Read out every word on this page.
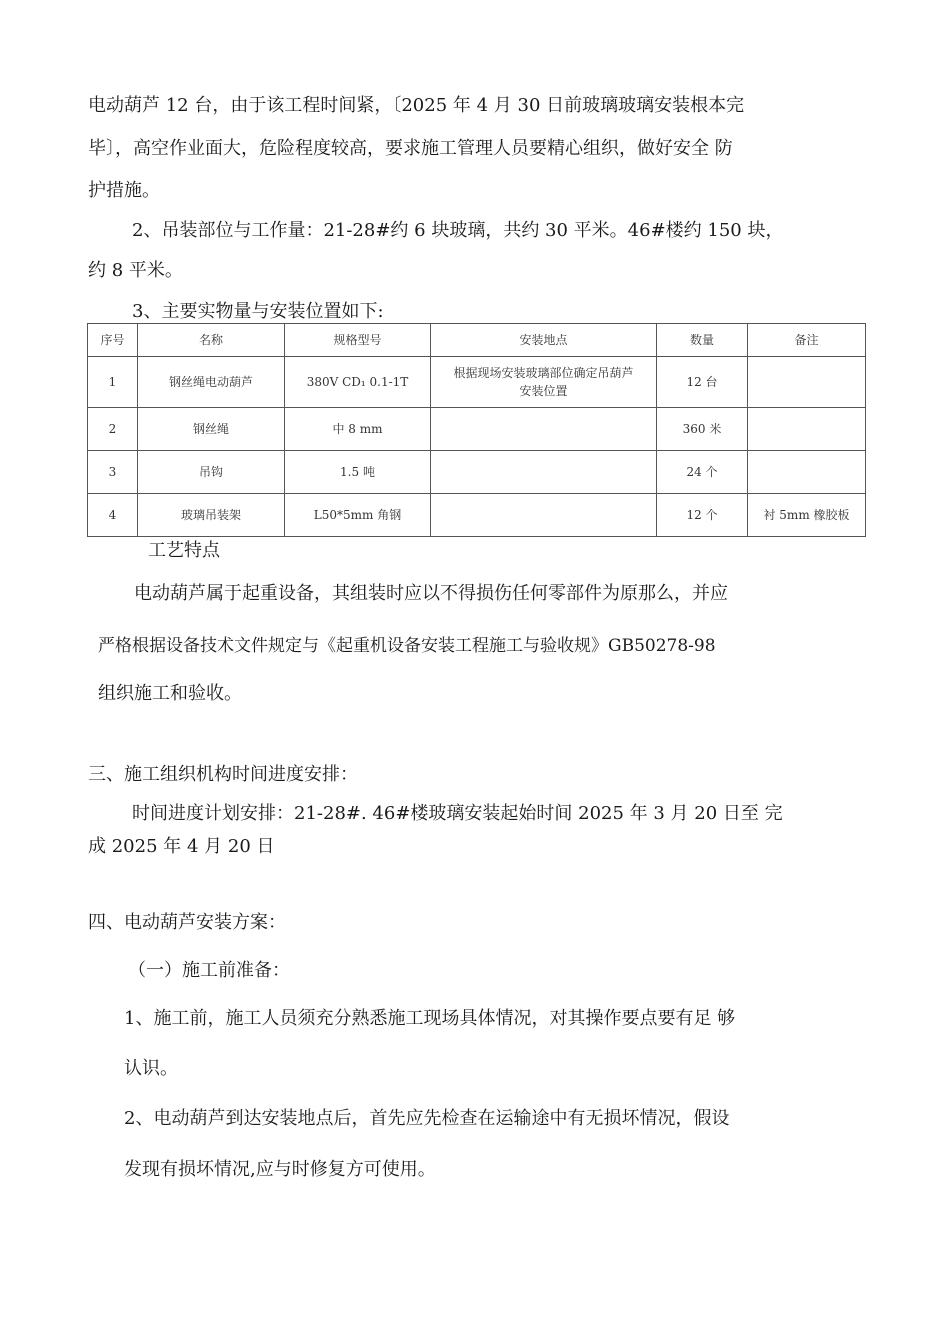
电动葫芦 12 台，由于该工程时间紧，〔2025 年 4 月 30 日前玻璃玻璃安装根本完
毕〕，高空作业面大，危险程度较高，要求施工管理人员要精心组织，做好安全 防
护措施。
2、吊装部位与工作量：21-28#约 6 块玻璃，共约 30 平米。46#楼约 150 块，
约 8 平米。
3、主要实物量与安装位置如下:
序号	名称	规格型号	安装地点	数量	备注
1	钢丝绳电动葫芦	380V CD₁ 0.1-1T	根据现场安装玻璃部位确定吊葫芦
安装位置	12 台	
2	钢丝绳	中 8 mm		360 米	
3	吊钩	1.5 吨		24 个	
4	玻璃吊装架	L50*5mm 角钢		12 个	衬 5mm 橡胶板
工艺特点
电动葫芦属于起重设备，其组装时应以不得损伤任何零部件为原那么，并应
严格根据设备技术文件规定与《起重机设备安装工程施工与验收规》GB50278-98
组织施工和验收。
三、施工组织机构时间进度安排：
时间进度计划安排：21-28#. 46#楼玻璃安装起始时间 2025 年 3 月 20 日至 完
成 2025 年 4 月 20 日
四、电动葫芦安装方案：
（一）施工前准备：
1、施工前，施工人员须充分熟悉施工现场具体情况，对其操作要点要有足 够
认识。
2、电动葫芦到达安装地点后，首先应先检查在运输途中有无损坏情况，假设
发现有损坏情况,应与时修复方可使用。
